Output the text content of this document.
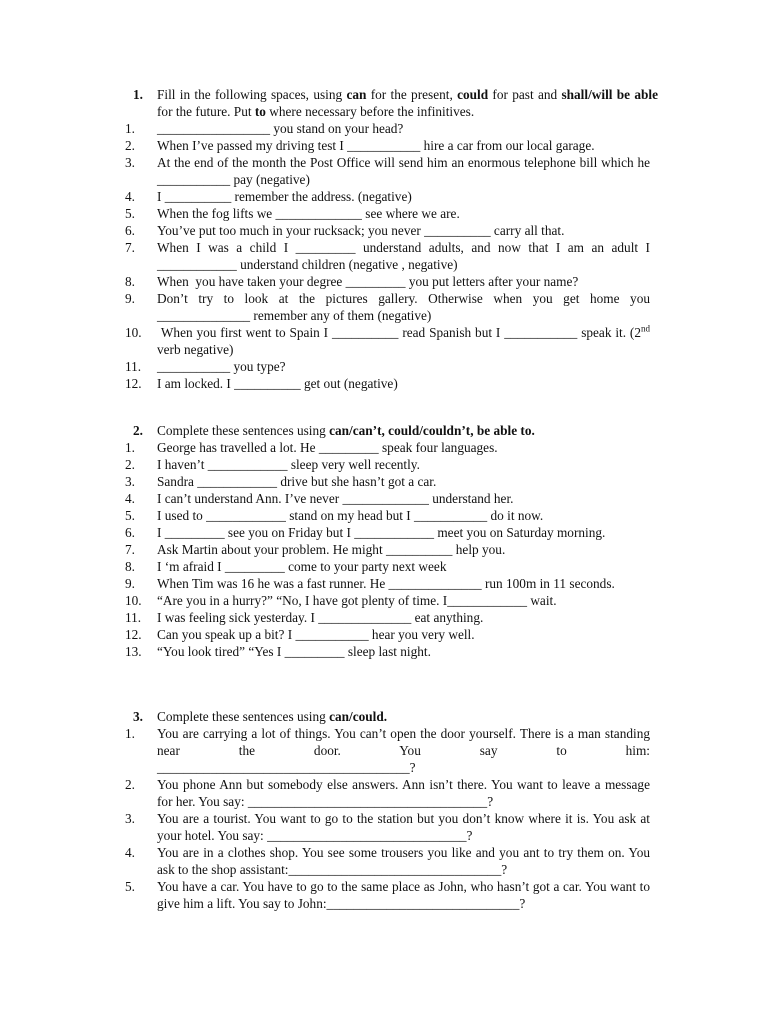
1.	Fill in the following spaces, using can for the present, could for past and shall/will be able for the future. Put to where necessary before the infinitives.
1.	_________________ you stand on your head?
2.	When I’ve passed my driving test I ___________ hire a car from our local garage.
3.	At the end of the month the Post Office will send him an enormous telephone bill which he ___________ pay (negative)
4.	I __________ remember the address. (negative)
5.	When the fog lifts we _____________ see where we are.
6.	You’ve put too much in your rucksack; you never __________ carry all that.
7.	When I was a child I _________ understand adults, and now that I am an adult I ____________ understand children (negative , negative)
8.	When  you have taken your degree _________ you put letters after your name?
9.	Don’t try to look at the pictures gallery. Otherwise when you get home you ______________ remember any of them (negative)
10.	When you first went to Spain I __________ read Spanish but I ___________ speak it. (2nd verb negative)
11.	___________ you type?
12.	I am locked. I __________ get out (negative)
2.	Complete these sentences using can/can’t, could/couldn’t, be able to.
1.	George has travelled a lot. He _________ speak four languages.
2.	I haven’t ____________ sleep very well recently.
3.	Sandra ____________ drive but she hasn’t got a car.
4.	I can’t understand Ann. I’ve never _____________ understand her.
5.	I used to ____________ stand on my head but I ___________ do it now.
6.	I _________ see you on Friday but I ____________ meet you on Saturday morning.
7.	Ask Martin about your problem. He might __________ help you.
8.	I ‘m afraid I _________ come to your party next week
9.	When Tim was 16 he was a fast runner. He ______________ run 100m in 11 seconds.
10.	“Are you in a hurry?” “No, I have got plenty of time. I____________ wait.
11.	I was feeling sick yesterday. I ______________ eat anything.
12.	Can you speak up a bit? I ___________ hear you very well.
13.	“You look tired” “Yes I _________ sleep last night.
3.	Complete these sentences using can/could.
1.	You are carrying a lot of things. You can’t open the door yourself. There is a man standing near the door. You say to him:
______________________________________?
2.	You phone Ann but somebody else answers. Ann isn’t there. You want to leave a message for her. You say: ____________________________________?
3.	You are a tourist. You want to go to the station but you don’t know where it is. You ask at your hotel. You say: ______________________________?
4.	You are in a clothes shop. You see some trousers you like and you ant to try them on. You ask to the shop assistant:________________________________?
5.	You have a car. You have to go to the same place as John, who hasn’t got a car. You want to give him a lift. You say to John:_____________________________?
